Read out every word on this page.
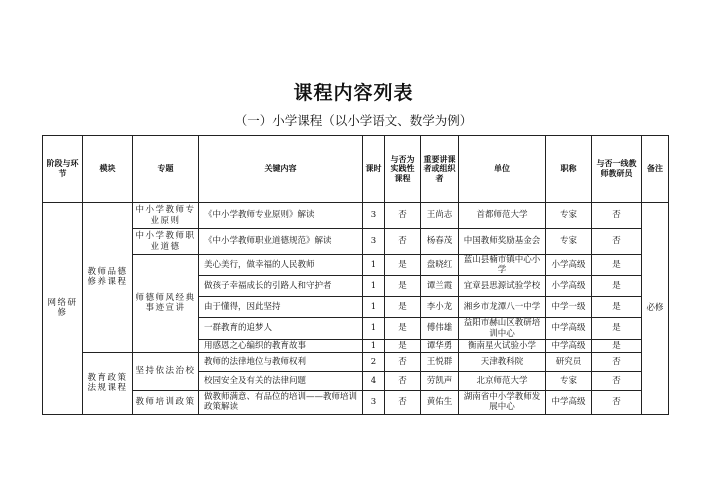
课程内容列表
（一）小学课程（以小学语文、数学为例）
阶段与环节	模块	专题	关键内容	课时	与否为实践性课程	重要讲课者或组织者	单位	职称	与否一线教师教研员	备注
网络研修	教师品德修养课程	中小学教师专业原则	《中小学教师专业原则》解读	3	否	王尚志	首都师范大学	专家	否	必修
		中小学教师职业道德	《中小学教师职业道德规范》解读	3	否	杨春茂	中国教师奖励基金会	专家	否	
		师德师风经典事迹宣讲	美心美行，做幸福的人民教师	1	是	盘晓红	蓝山县楠市镇中心小学	小学高级	是	
			做孩子幸福成长的引路人和守护者	1	是	谭兰霞	宜章县思源试验学校	小学高级	是	
			由于懂得，因此坚持	1	是	李小龙	湘乡市龙潭八一中学	中学一级	是	
			一群教育的追梦人	1	是	傅伟雄	益阳市赫山区教研培训中心	中学高级	是	
			用感恩之心编织的教育故事	1	是	谭华勇	衡南星火试验小学	中学高级	是	
	教育政策法规课程	坚持依法治校	教师的法律地位与教师权利	2	否	王悦群	天津教科院	研究员	否	
			校园安全及有关的法律问题	4	否	劳凯声	北京师范大学	专家	否	
		教师培训政策	做教师满意、有品位的培训——教师培训政策解读	3	否	黄佑生	湖南省中小学教师发展中心	中学高级	否	
